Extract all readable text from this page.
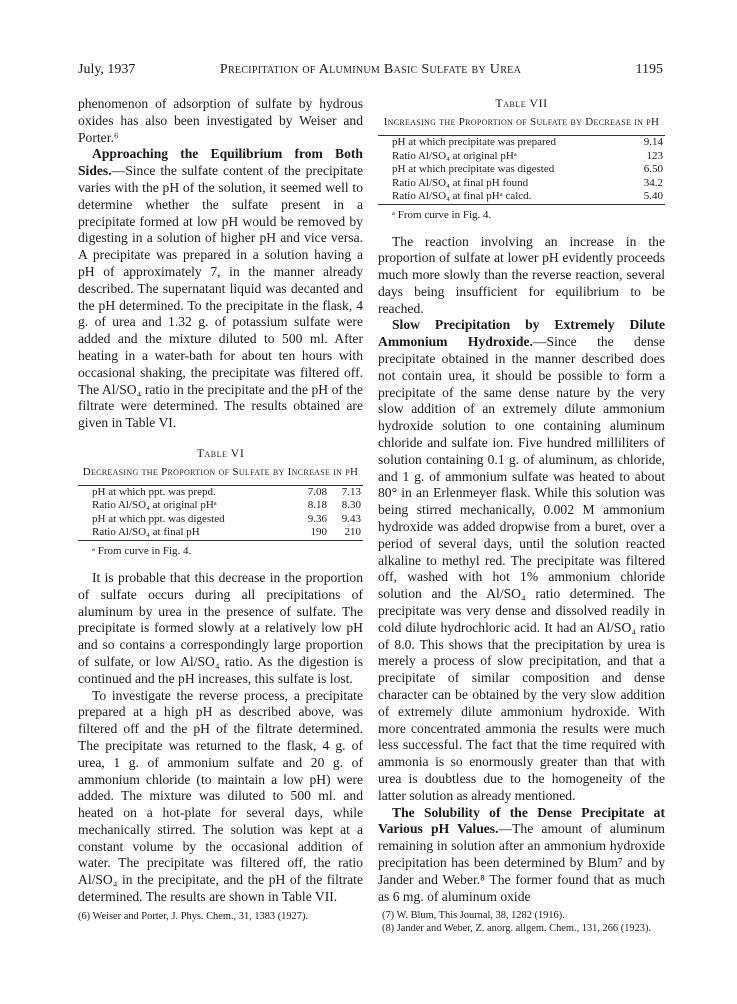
July, 1937	Precipitation of Aluminum Basic Sulfate by Urea	1195

phenomenon of adsorption of sulfate by hydrous oxides has also been investigated by Weiser and Porter.⁶

Approaching the Equilibrium from Both Sides.—Since the sulfate content of the precipitate varies with the pH of the solution, it seemed well to determine whether the sulfate present in a precipitate formed at low pH would be removed by digesting in a solution of higher pH and vice versa. A precipitate was prepared in a solution having a pH of approximately 7, in the manner already described. The supernatant liquid was decanted and the pH determined. To the precipitate in the flask, 4 g. of urea and 1.32 g. of potassium sulfate were added and the mixture diluted to 500 ml. After heating in a water-bath for about ten hours with occasional shaking, the precipitate was filtered off. The Al/SO₄ ratio in the precipitate and the pH of the filtrate were determined. The results obtained are given in Table VI.

Table VI
Decreasing the Proportion of Sulfate by Increase in pH
pH at which ppt. was prepd.	7.08	7.13
Ratio Al/SO₄ at original pHᵃ	8.18	8.30
pH at which ppt. was digested	9.36	9.43
Ratio Al/SO₄ at final pH	190	210
ᵃ From curve in Fig. 4.

It is probable that this decrease in the proportion of sulfate occurs during all precipitations of aluminum by urea in the presence of sulfate. The precipitate is formed slowly at a relatively low pH and so contains a correspondingly large proportion of sulfate, or low Al/SO₄ ratio. As the digestion is continued and the pH increases, this sulfate is lost.

To investigate the reverse process, a precipitate prepared at a high pH as described above, was filtered off and the pH of the filtrate determined. The precipitate was returned to the flask, 4 g. of urea, 1 g. of ammonium sulfate and 20 g. of ammonium chloride (to maintain a low pH) were added. The mixture was diluted to 500 ml. and heated on a hot-plate for several days, while mechanically stirred. The solution was kept at a constant volume by the occasional addition of water. The precipitate was filtered off, the ratio Al/SO₄ in the precipitate, and the pH of the filtrate determined. The results are shown in Table VII.

(6) Weiser and Porter, J. Phys. Chem., 31, 1383 (1927).
Table VII
Increasing the Proportion of Sulfate by Decrease in pH
pH at which precipitate was prepared	9.14
Ratio Al/SO₄ at original pHᵃ	123
pH at which precipitate was digested	6.50
Ratio Al/SO₄ at final pH found	34.2
Ratio Al/SO₄ at final pHᵃ calcd.	5.40
ᵃ From curve in Fig. 4.

The reaction involving an increase in the proportion of sulfate at lower pH evidently proceeds much more slowly than the reverse reaction, several days being insufficient for equilibrium to be reached.

Slow Precipitation by Extremely Dilute Ammonium Hydroxide.—Since the dense precipitate obtained in the manner described does not contain urea, it should be possible to form a precipitate of the same dense nature by the very slow addition of an extremely dilute ammonium hydroxide solution to one containing aluminum chloride and sulfate ion. Five hundred milliliters of solution containing 0.1 g. of aluminum, as chloride, and 1 g. of ammonium sulfate was heated to about 80° in an Erlenmeyer flask. While this solution was being stirred mechanically, 0.002 M ammonium hydroxide was added dropwise from a buret, over a period of several days, until the solution reacted alkaline to methyl red. The precipitate was filtered off, washed with hot 1% ammonium chloride solution and the Al/SO₄ ratio determined. The precipitate was very dense and dissolved readily in cold dilute hydrochloric acid. It had an Al/SO₄ ratio of 8.0. This shows that the precipitation by urea is merely a process of slow precipitation, and that a precipitate of similar composition and dense character can be obtained by the very slow addition of extremely dilute ammonium hydroxide. With more concentrated ammonia the results were much less successful. The fact that the time required with ammonia is so enormously greater than that with urea is doubtless due to the homogeneity of the latter solution as already mentioned.

The Solubility of the Dense Precipitate at Various pH Values.—The amount of aluminum remaining in solution after an ammonium hydroxide precipitation has been determined by Blum⁷ and by Jander and Weber.⁸ The former found that as much as 6 mg. of aluminum oxide

(7) W. Blum, This Journal, 38, 1282 (1916).
(8) Jander and Weber, Z. anorg. allgem. Chem., 131, 266 (1923).
